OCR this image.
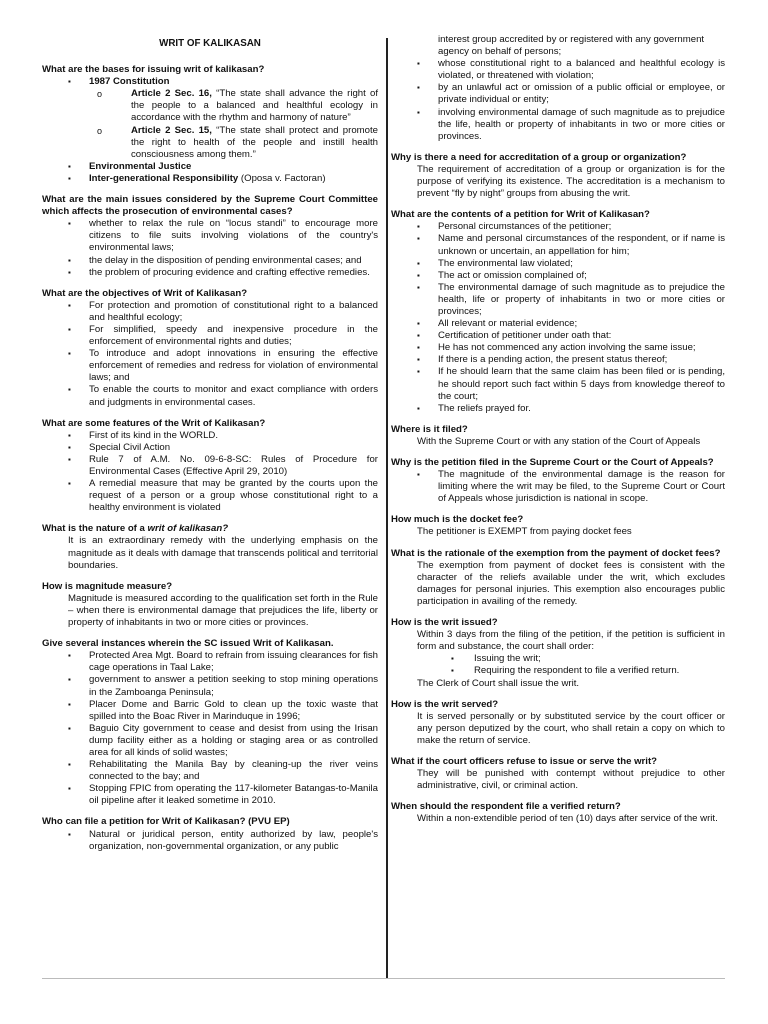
WRIT OF KALIKASAN

What are the bases for issuing writ of kalikasan?

▪ 1987 Constitution
o Article 2 Sec. 16, “The state shall advance the right of the people to a balanced and healthful ecology in accordance with the rhythm and harmony of nature”
o Article 2 Sec. 15, “The state shall protect and promote the right to health of the people and instill health consciousness among them.”
▪ Environmental Justice
▪ Inter-generational Responsibility (Oposa v. Factoran)

What are the main issues considered by the Supreme Court Committee which affects the prosecution of environmental cases?

▪ whether to relax the rule on “locus standi” to encourage more citizens to file suits involving violations of the country's environmental laws;
▪ the delay in the disposition of pending environmental cases; and
▪ the problem of procuring evidence and crafting effective remedies.

What are the objectives of Writ of Kalikasan?

▪ For protection and promotion of constitutional right to a balanced and healthful ecology;
▪ For simplified, speedy and inexpensive procedure in the enforcement of environmental rights and duties;
▪ To introduce and adopt innovations in ensuring the effective enforcement of remedies and redress for violation of environmental laws; and
▪ To enable the courts to monitor and exact compliance with orders and judgments in environmental cases.

What are some features of the Writ of Kalikasan?

▪ First of its kind in the WORLD.
▪ Special Civil Action
▪ Rule 7 of A.M. No. 09-6-8-SC: Rules of Procedure for Environmental Cases (Effective April 29, 2010)
▪ A remedial measure that may be granted by the courts upon the request of a person or a group whose constitutional right to a healthy environment is violated

What is the nature of a writ of kalikasan?

It is an extraordinary remedy with the underlying emphasis on the magnitude as it deals with damage that transcends political and territorial boundaries.

How is magnitude measure?

Magnitude is measured according to the qualification set forth in the Rule – when there is environmental damage that prejudices the life, liberty or property of inhabitants in two or more cities or provinces.

Give several instances wherein the SC issued Writ of Kalikasan.

▪ Protected Area Mgt. Board to refrain from issuing clearances for fish cage operations in Taal Lake;
▪ government to answer a petition seeking to stop mining operations in the Zamboanga Peninsula;
▪ Placer Dome and Barric Gold to clean up the toxic waste that spilled into the Boac River in Marinduque in 1996;
▪ Baguio City government to cease and desist from using the Irisan dump facility either as a holding or staging area or as controlled area for all kinds of solid wastes;
▪ Rehabilitating the Manila Bay by cleaning-up the river veins connected to the bay; and
▪ Stopping FPIC from operating the 117-kilometer Batangas-to-Manila oil pipeline after it leaked sometime in 2010.

Who can file a petition for Writ of Kalikasan? (PVU EP)

▪ Natural or juridical person, entity authorized by law, people's organization, non-governmental organization, or any public
interest group accredited by or registered with any government agency on behalf of persons;
▪ whose constitutional right to a balanced and healthful ecology is violated, or threatened with violation;
▪ by an unlawful act or omission of a public official or employee, or private individual or entity;
▪ involving environmental damage of such magnitude as to prejudice the life, health or property of inhabitants in two or more cities or provinces.

Why is there a need for accreditation of a group or organization?

The requirement of accreditation of a group or organization is for the purpose of verifying its existence. The accreditation is a mechanism to prevent “fly by night” groups from abusing the writ.

What are the contents of a petition for Writ of Kalikasan?

▪ Personal circumstances of the petitioner;
▪ Name and personal circumstances of the respondent, or if name is unknown or uncertain, an appellation for him;
▪ The environmental law violated;
▪ The act or omission complained of;
▪ The environmental damage of such magnitude as to prejudice the health, life or property of inhabitants in two or more cities or provinces;
▪ All relevant or material evidence;
▪ Certification of petitioner under oath that:
▪ He has not commenced any action involving the same issue;
▪ If there is a pending action, the present status thereof;
▪ If he should learn that the same claim has been filed or is pending, he should report such fact within 5 days from knowledge thereof to the court;
▪ The reliefs prayed for.

Where is it filed?

With the Supreme Court or with any station of the Court of Appeals

Why is the petition filed in the Supreme Court or the Court of Appeals?

▪ The magnitude of the environmental damage is the reason for limiting where the writ may be filed, to the Supreme Court or Court of Appeals whose jurisdiction is national in scope.

How much is the docket fee?

The petitioner is EXEMPT from paying docket fees

What is the rationale of the exemption from the payment of docket fees?

The exemption from payment of docket fees is consistent with the character of the reliefs available under the writ, which excludes damages for personal injuries. This exemption also encourages public participation in availing of the remedy.

How is the writ issued?

Within 3 days from the filing of the petition, if the petition is sufficient in form and substance, the court shall order:

▪ Issuing the writ;
▪ Requiring the respondent to file a verified return.

The Clerk of Court shall issue the writ.

How is the writ served?

It is served personally or by substituted service by the court officer or any person deputized by the court, who shall retain a copy on which to make the return of service.

What if the court officers refuse to issue or serve the writ?

They will be punished with contempt without prejudice to other administrative, civil, or criminal action.

When should the respondent file a verified return?

Within a non-extendible period of ten (10) days after service of the writ.
